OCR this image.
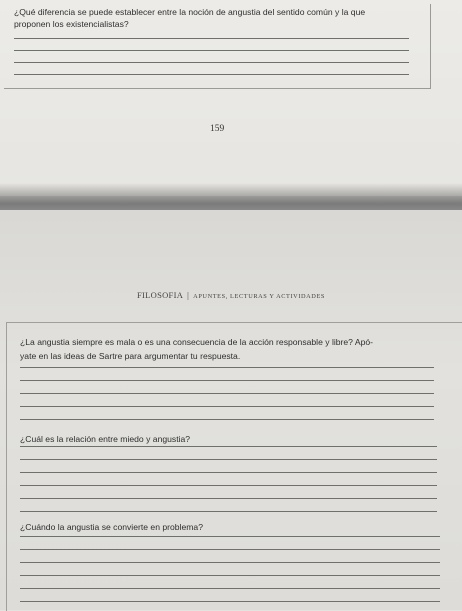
¿Qué diferencia se puede establecer entre la noción de angustia del sentido común y la que
proponen los existencialistas?
159
FILOSOFIA | APUNTES, LECTURAS Y ACTIVIDADES
¿La angustia siempre es mala o es una consecuencia de la acción responsable y libre? Apó-
yate en las ideas de Sartre para argumentar tu respuesta.
¿Cuál es la relación entre miedo y angustia?
¿Cuándo la angustia se convierte en problema?
